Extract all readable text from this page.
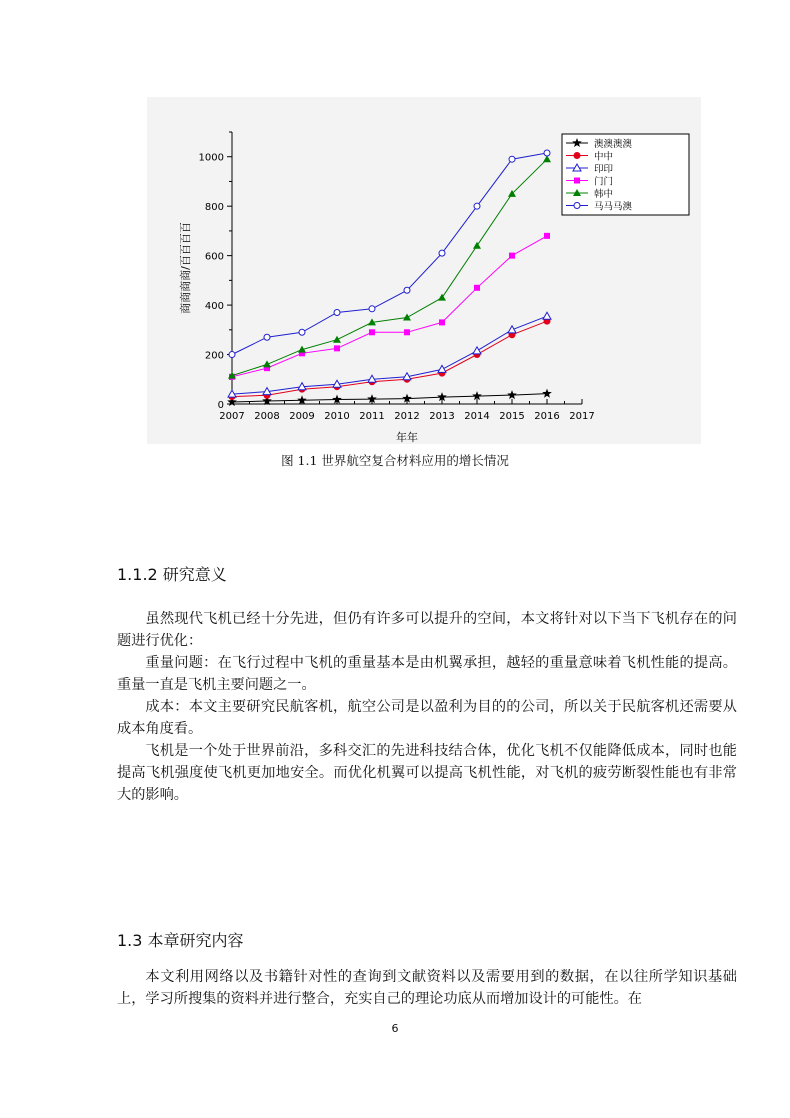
2007 2008 2009 2010 2011 2012 2013 2014 2015 2016 2017
0
200
400
600
800
1000
年年
商商商商/百百百百
澳澳澳澳
中中
印印
门门
韩中
马马马澳
图 1.1 世界航空复合材料应用的增长情况
1.1.2 研究意义

虽然现代飞机已经十分先进，但仍有许多可以提升的空间，本文将针对以下当下飞机存在的问题进行优化：

重量问题：在飞行过程中飞机的重量基本是由机翼承担，越轻的重量意味着飞机性能的提高。重量一直是飞机主要问题之一。

成本：本文主要研究民航客机，航空公司是以盈利为目的的公司，所以关于民航客机还需要从成本角度看。

飞机是一个处于世界前沿，多科交汇的先进科技结合体，优化飞机不仅能降低成本，同时也能提高飞机强度使飞机更加地安全。而优化机翼可以提高飞机性能，对飞机的疲劳断裂性能也有非常大的影响。

1.3 本章研究内容

本文利用网络以及书籍针对性的查询到文献资料以及需要用到的数据，在以往所学知识基础上，学习所搜集的资料并进行整合，充实自己的理论功底从而增加设计的可能性。在

6
